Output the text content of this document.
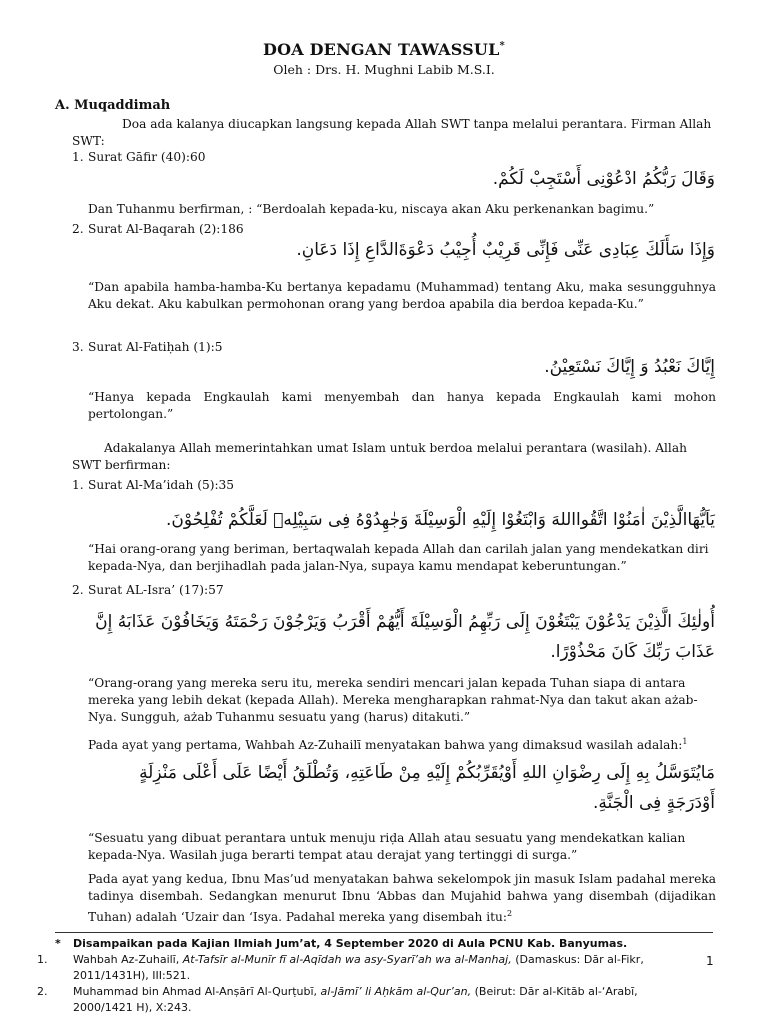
DOA DENGAN TAWASSUL*
Oleh : Drs. H. Mughni Labib M.S.I.
A. Muqaddimah
Doa ada kalanya diucapkan langsung kepada Allah SWT tanpa melalui perantara. Firman Allah SWT:
1. Surat Gāfir (40):60
وَقَالَ رَبُّكُمُ ادْعُوْنِى أَسْتَجِبْ لَكُمْ.
Dan Tuhanmu berfirman, : “Berdoalah kepada-ku, niscaya akan Aku perkenankan bagimu.”
2. Surat Al-Baqarah (2):186
وَإِذَا سَأَلَكَ عِبَادِى عَنِّى فَإِنِّى قَرِيْبٌ أُجِيْبُ دَعْوَةَالدَّاعِ إِذَا دَعَانِ.
“Dan apabila hamba-hamba-Ku bertanya kepadamu (Muhammad) tentang Aku, maka sesungguhnya Aku dekat. Aku kabulkan permohonan orang yang berdoa apabila dia berdoa kepada-Ku.”
3. Surat Al-Fatiḥah (1):5
إِيَّاكَ نَعْبُدُ وَ إِيَّاكَ نَسْتَعِيْنُ.
“Hanya kepada Engkaulah kami menyembah dan hanya kepada Engkaulah kami mohon pertolongan.”
Adakalanya Allah memerintahkan umat Islam untuk berdoa melalui perantara (wasilah). Allah SWT berfirman:
1. Surat Al-Ma’idah (5):35
يَاَيُّهَاالَّذِيْنَ اٰمَنُوْا اتَّقُوااللهَ وَابْتَغُوْا إِلَيْهِ الْوَسِيْلَةَ وَجٰهِدُوْهُ فِى سَبِيْلِهٖ لَعَلَّكُمْ تُفْلِحُوْنَ.
“Hai orang-orang yang beriman, bertaqwalah kepada Allah dan carilah jalan yang mendekatkan diri kepada-Nya, dan berjihadlah pada jalan-Nya, supaya kamu mendapat keberuntungan.”
2. Surat AL-Isra’ (17):57
أُولٰئِكَ الَّذِيْنَ يَدْعُوْنَ يَبْتَغُوْنَ إِلَى رَبِّهِمُ الْوَسِيْلَةَ أَيُّهُمْ أَقْرَبُ وَيَرْجُوْنَ رَحْمَتَهُ وَيَخَافُوْنَ عَذَابَهُ إِنَّ عَذَابَ رَبِّكَ كَانَ مَحْذُوْرًا.
“Orang-orang yang mereka seru itu, mereka sendiri mencari jalan kepada Tuhan siapa di antara mereka yang lebih dekat (kepada Allah). Mereka mengharapkan rahmat-Nya dan takut akan ażab-Nya. Sungguh, ażab Tuhanmu sesuatu yang (harus) ditakuti.”
Pada ayat yang pertama, Wahbah Az-Zuhailī menyatakan bahwa yang dimaksud wasilah adalah:$^1$
مَايُتَوَسَّلُ بِهِ إِلَى رِضْوَانِ اللهِ أَوْيُقَرِّبُكُمْ إِلَيْهِ مِنْ طَاعَتِهِ، وَتُطْلَقُ أَيْضًا عَلَى أَعْلَى مَنْزِلَةٍ أَوْدَرَجَةٍ فِى الْجَنَّةِ.
“Sesuatu yang dibuat perantara untuk menuju riḍa Allah atau sesuatu yang mendekatkan kalian kepada-Nya. Wasilah juga berarti tempat atau derajat yang tertinggi di surga.”
Pada ayat yang kedua, Ibnu Mas’ud menyatakan bahwa sekelompok jin masuk Islam padahal mereka tadinya disembah. Sedangkan menurut Ibnu ‘Abbas dan Mujahid bahwa yang disembah (dijadikan Tuhan) adalah ‘Uzair dan ‘Isya. Padahal mereka yang disembah itu:$^2$
* Disampaikan pada Kajian Ilmiah Jum’at, 4 September 2020 di Aula PCNU Kab. Banyumas.
1. Wahbah Az-Zuhailī, At-Tafsīr al-Munīr fī al-Aqīdah wa asy-Syarī’ah wa al-Manhaj, (Damaskus: Dār al-Fikr, 2011/1431H), III:521.
2. Muhammad bin Ahmad Al-Anṣārī Al-Qurṭubī, al-Jāmī’ li Aḥkām al-Qur’an, (Beirut: Dār al-Kitāb al-‘Arabī, 2000/1421 H), X:243.
1
